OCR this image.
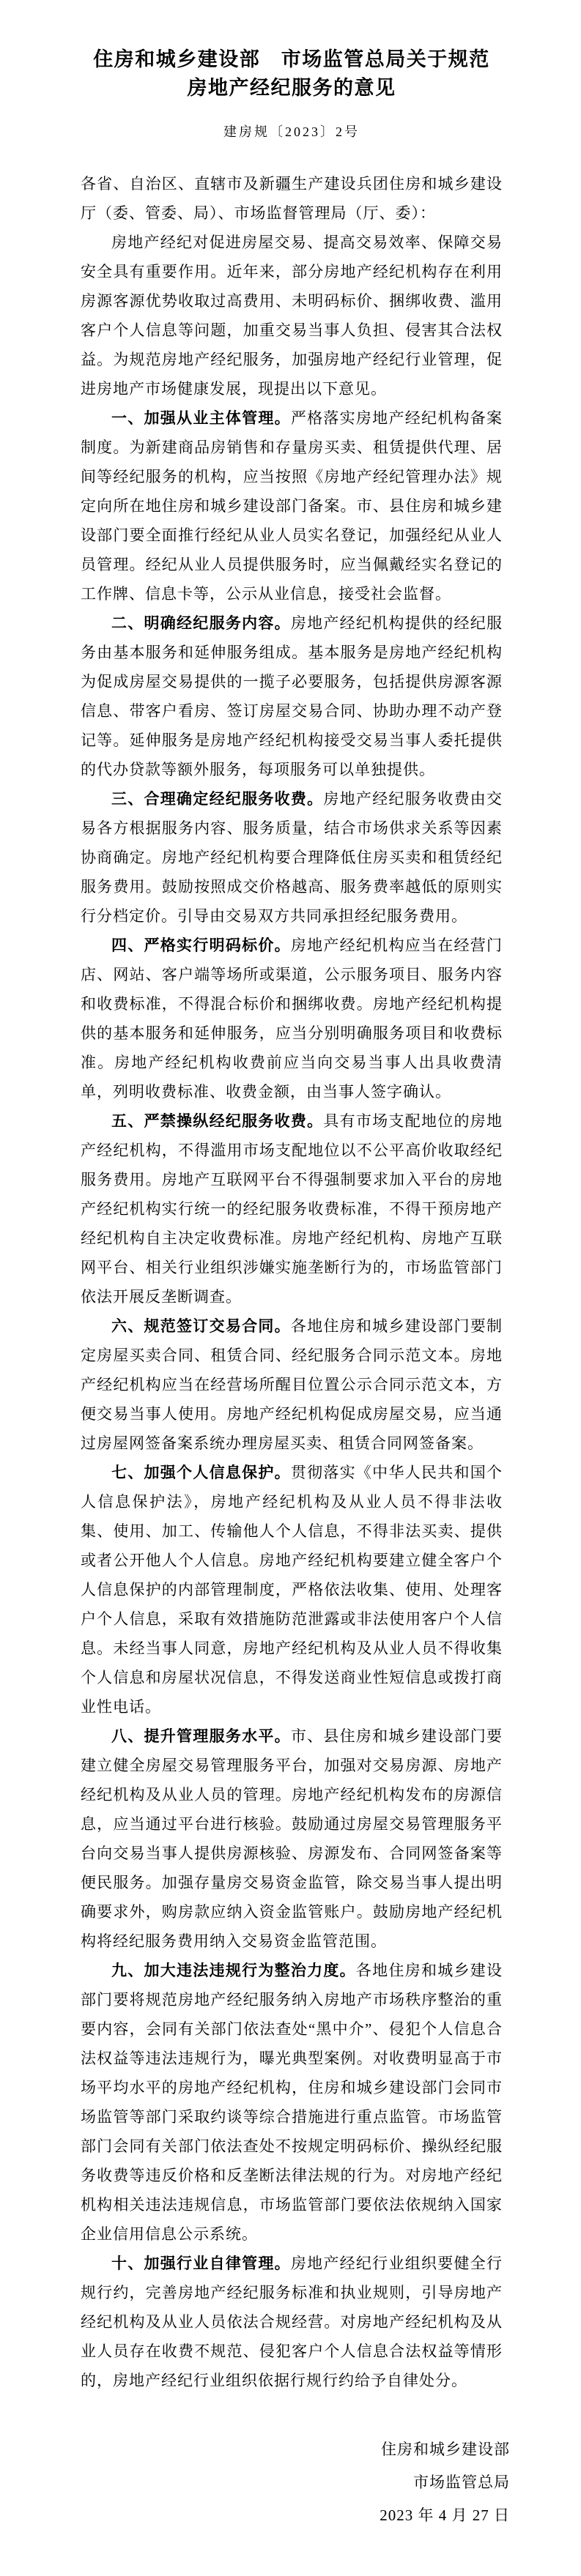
住房和城乡建设部　市场监管总局关于规范
房地产经纪服务的意见
建房规〔2023〕2号

各省、自治区、直辖市及新疆生产建设兵团住房和城乡建设厅（委、管委、局）、市场监督管理局（厅、委）：

房地产经纪对促进房屋交易、提高交易效率、保障交易安全具有重要作用。近年来，部分房地产经纪机构存在利用房源客源优势收取过高费用、未明码标价、捆绑收费、滥用客户个人信息等问题，加重交易当事人负担、侵害其合法权益。为规范房地产经纪服务，加强房地产经纪行业管理，促进房地产市场健康发展，现提出以下意见。

一、加强从业主体管理。严格落实房地产经纪机构备案制度。为新建商品房销售和存量房买卖、租赁提供代理、居间等经纪服务的机构，应当按照《房地产经纪管理办法》规定向所在地住房和城乡建设部门备案。市、县住房和城乡建设部门要全面推行经纪从业人员实名登记，加强经纪从业人员管理。经纪从业人员提供服务时，应当佩戴经实名登记的工作牌、信息卡等，公示从业信息，接受社会监督。

二、明确经纪服务内容。房地产经纪机构提供的经纪服务由基本服务和延伸服务组成。基本服务是房地产经纪机构为促成房屋交易提供的一揽子必要服务，包括提供房源客源信息、带客户看房、签订房屋交易合同、协助办理不动产登记等。延伸服务是房地产经纪机构接受交易当事人委托提供的代办贷款等额外服务，每项服务可以单独提供。

三、合理确定经纪服务收费。房地产经纪服务收费由交易各方根据服务内容、服务质量，结合市场供求关系等因素协商确定。房地产经纪机构要合理降低住房买卖和租赁经纪服务费用。鼓励按照成交价格越高、服务费率越低的原则实行分档定价。引导由交易双方共同承担经纪服务费用。

四、严格实行明码标价。房地产经纪机构应当在经营门店、网站、客户端等场所或渠道，公示服务项目、服务内容和收费标准，不得混合标价和捆绑收费。房地产经纪机构提供的基本服务和延伸服务，应当分别明确服务项目和收费标准。房地产经纪机构收费前应当向交易当事人出具收费清单，列明收费标准、收费金额，由当事人签字确认。

五、严禁操纵经纪服务收费。具有市场支配地位的房地产经纪机构，不得滥用市场支配地位以不公平高价收取经纪服务费用。房地产互联网平台不得强制要求加入平台的房地产经纪机构实行统一的经纪服务收费标准，不得干预房地产经纪机构自主决定收费标准。房地产经纪机构、房地产互联网平台、相关行业组织涉嫌实施垄断行为的，市场监管部门依法开展反垄断调查。

六、规范签订交易合同。各地住房和城乡建设部门要制定房屋买卖合同、租赁合同、经纪服务合同示范文本。房地产经纪机构应当在经营场所醒目位置公示合同示范文本，方便交易当事人使用。房地产经纪机构促成房屋交易，应当通过房屋网签备案系统办理房屋买卖、租赁合同网签备案。

七、加强个人信息保护。贯彻落实《中华人民共和国个人信息保护法》，房地产经纪机构及从业人员不得非法收集、使用、加工、传输他人个人信息，不得非法买卖、提供或者公开他人个人信息。房地产经纪机构要建立健全客户个人信息保护的内部管理制度，严格依法收集、使用、处理客户个人信息，采取有效措施防范泄露或非法使用客户个人信息。未经当事人同意，房地产经纪机构及从业人员不得收集个人信息和房屋状况信息，不得发送商业性短信息或拨打商业性电话。

八、提升管理服务水平。市、县住房和城乡建设部门要建立健全房屋交易管理服务平台，加强对交易房源、房地产经纪机构及从业人员的管理。房地产经纪机构发布的房源信息，应当通过平台进行核验。鼓励通过房屋交易管理服务平台向交易当事人提供房源核验、房源发布、合同网签备案等便民服务。加强存量房交易资金监管，除交易当事人提出明确要求外，购房款应纳入资金监管账户。鼓励房地产经纪机构将经纪服务费用纳入交易资金监管范围。

九、加大违法违规行为整治力度。各地住房和城乡建设部门要将规范房地产经纪服务纳入房地产市场秩序整治的重要内容，会同有关部门依法查处“黑中介”、侵犯个人信息合法权益等违法违规行为，曝光典型案例。对收费明显高于市场平均水平的房地产经纪机构，住房和城乡建设部门会同市场监管等部门采取约谈等综合措施进行重点监管。市场监管部门会同有关部门依法查处不按规定明码标价、操纵经纪服务收费等违反价格和反垄断法律法规的行为。对房地产经纪机构相关违法违规信息，市场监管部门要依法依规纳入国家企业信用信息公示系统。

十、加强行业自律管理。房地产经纪行业组织要健全行规行约，完善房地产经纪服务标准和执业规则，引导房地产经纪机构及从业人员依法合规经营。对房地产经纪机构及从业人员存在收费不规范、侵犯客户个人信息合法权益等情形的，房地产经纪行业组织依据行规行约给予自律处分。

住房和城乡建设部
市场监管总局
2023 年 4 月 27 日
